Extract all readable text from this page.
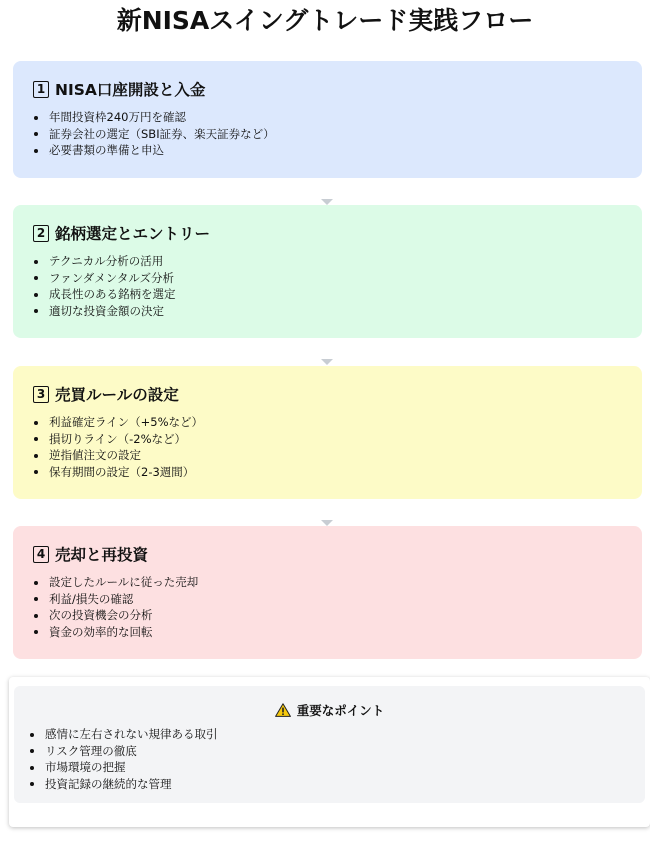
新NISAスイングトレード実践フロー
1 NISA口座開設と入金
年間投資枠240万円を確認
証券会社の選定（SBI証券、楽天証券など）
必要書類の準備と申込
2 銘柄選定とエントリー
テクニカル分析の活用
ファンダメンタルズ分析
成長性のある銘柄を選定
適切な投資金額の決定
3 売買ルールの設定
利益確定ライン（+5%など）
損切りライン（-2%など）
逆指値注文の設定
保有期間の設定（2-3週間）
4 売却と再投資
設定したルールに従った売却
利益/損失の確認
次の投資機会の分析
資金の効率的な回転
重要なポイント
感情に左右されない規律ある取引
リスク管理の徹底
市場環境の把握
投資記録の継続的な管理
